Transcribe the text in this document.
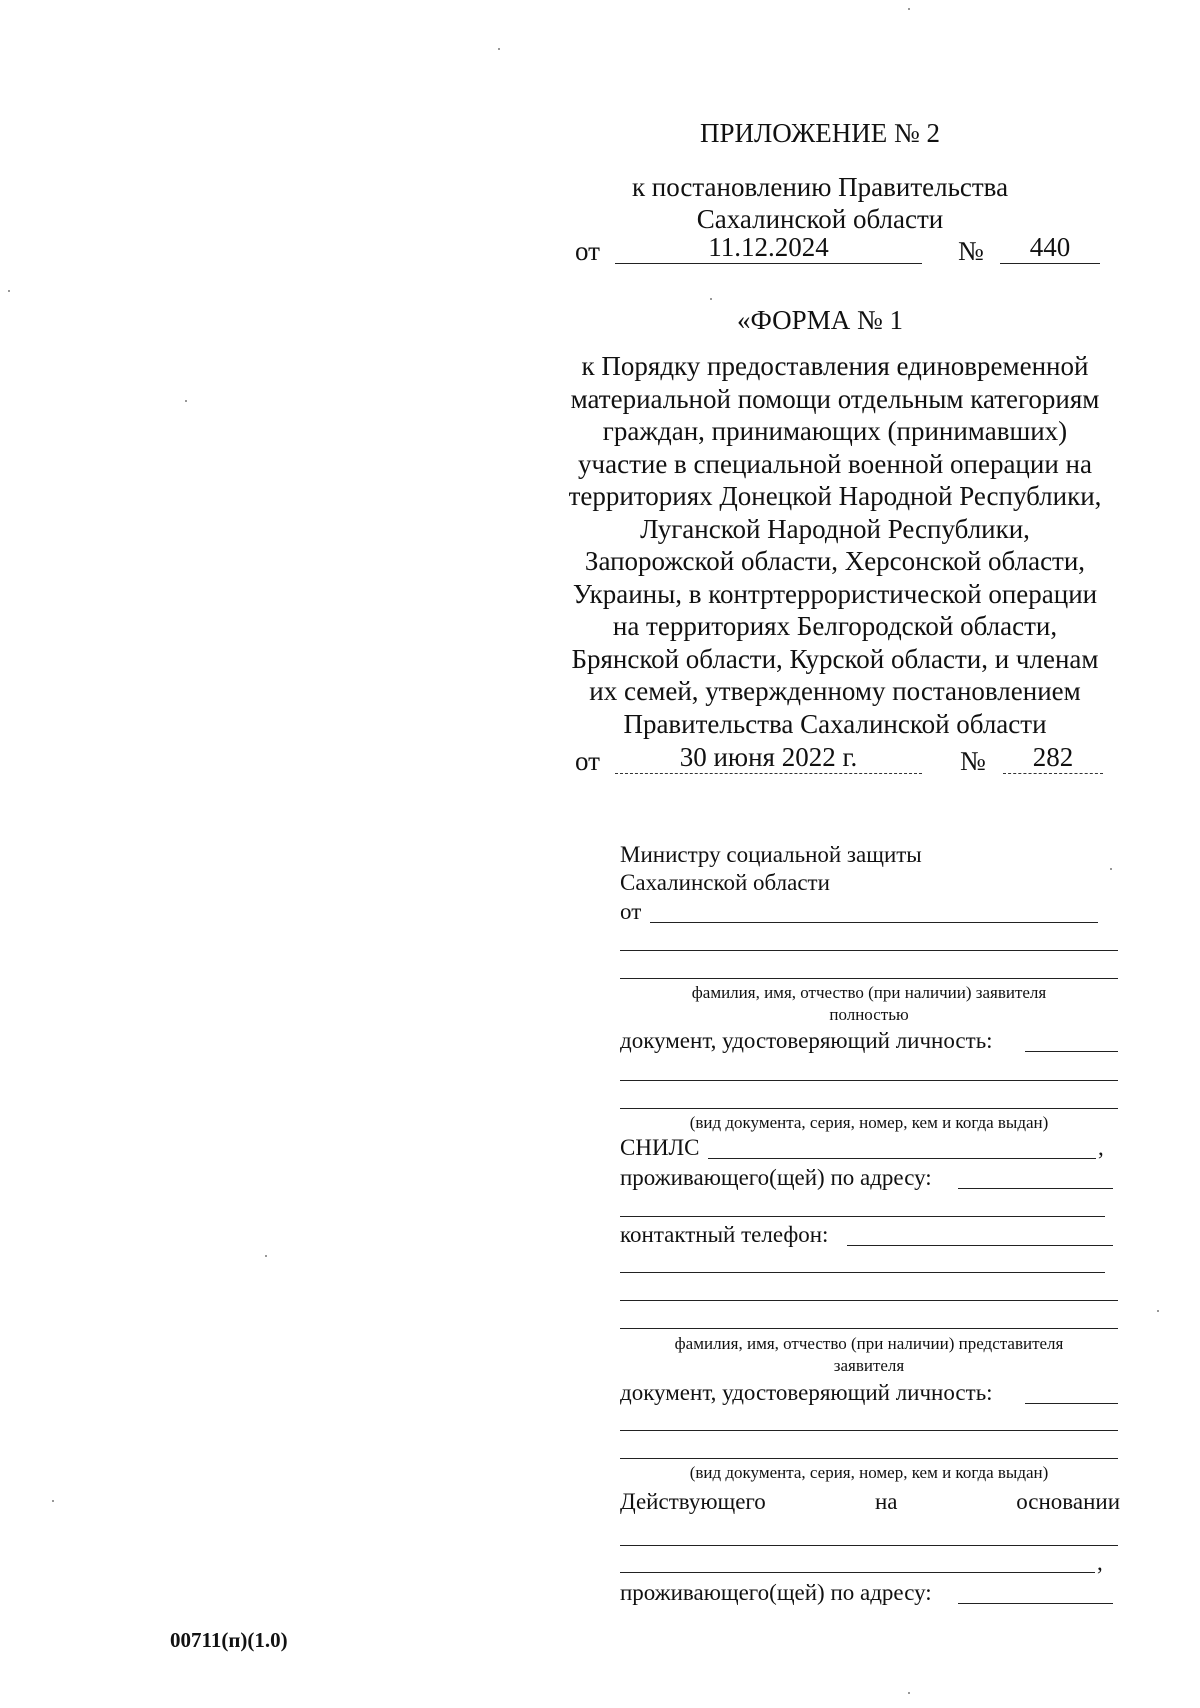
ПРИЛОЖЕНИЕ № 2
к постановлению Правительства
Сахалинской области
от	11.12.2024	№	440
«ФОРМА № 1
к Порядку предоставления единовременной
материальной помощи отдельным категориям
граждан, принимающих (принимавших)
участие в специальной военной операции на
территориях Донецкой Народной Республики,
Луганской Народной Республики,
Запорожской области, Херсонской области,
Украины, в контртеррористической операции
на территориях Белгородской области,
Брянской области, Курской области, и членам
их семей, утвержденному постановлением
Правительства Сахалинской области
от	30 июня 2022 г.	№	282
Министру социальной защиты
Сахалинской области
от
фамилия, имя, отчество (при наличии) заявителя
полностью
документ, удостоверяющий личность:
(вид документа, серия, номер, кем и когда выдан)
СНИЛС	,
проживающего(щей) по адресу:
контактный телефон:
фамилия, имя, отчество (при наличии) представителя
заявителя
документ, удостоверяющий личность:
(вид документа, серия, номер, кем и когда выдан)
Действующего	на	основании
,
проживающего(щей) по адресу:
00711(п)(1.0)
